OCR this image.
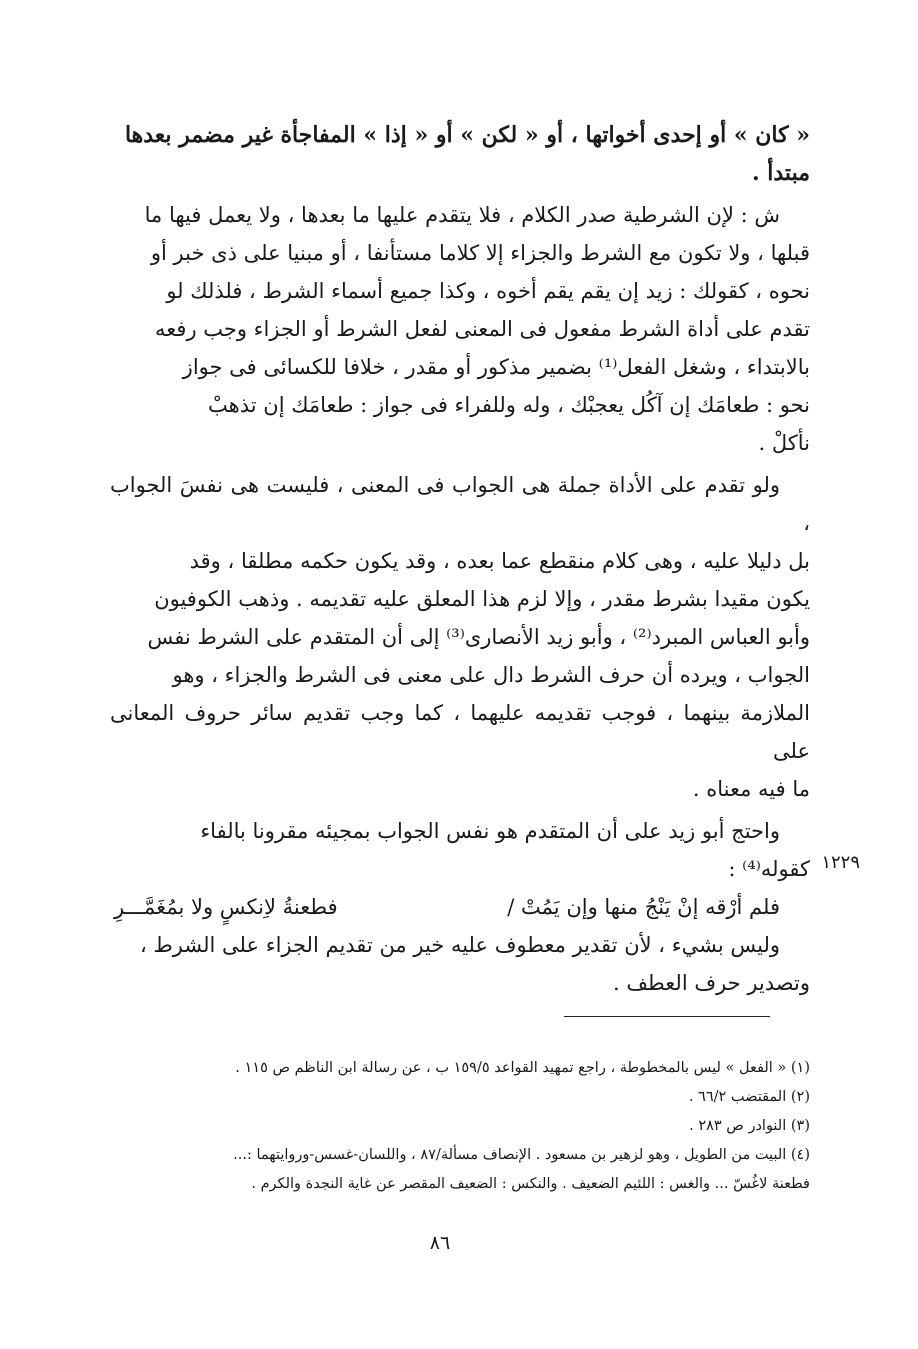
« كان » أو إحدى أخواتها ، أو « لكن » أو « إذا » المفاجأة غير مضمر بعدها

مبتدأ .

ش : لإن الشرطية صدر الكلام ، فلا يتقدم عليها ما بعدها ، ولا يعمل فيها ما

قبلها ، ولا تكون مع الشرط والجزاء إلا كلاما مستأنفا ، أو مبنيا على ذى خبر أو

نحوه ، كقولك : زيد إن يقم يقم أخوه ، وكذا جميع أسماء الشرط ، فلذلك لو

تقدم على أداة الشرط مفعول فى المعنى لفعل الشرط أو الجزاء وجب رفعه

بالابتداء ، وشغل الفعل⁽¹⁾ بضمير مذكور أو مقدر ، خلافا للكسائى فى جواز

نحو : طعامَك إن آكُل يعجبْك ، وله وللفراء فى جواز : طعامَك إن تذهبْ

نأكلْ .

ولو تقدم على الأداة جملة هى الجواب فى المعنى ، فليست هى نفسَ الجواب ،

بل دليلا عليه ، وهى كلام منقطع عما بعده ، وقد يكون حكمه مطلقا ، وقد

يكون مقيدا بشرط مقدر ، وإلا لزم هذا المعلق عليه تقديمه . وذهب الكوفيون

وأبو العباس المبرد⁽²⁾ ، وأبو زيد الأنصارى⁽³⁾ إلى أن المتقدم على الشرط نفس

الجواب ، ويرده أن حرف الشرط دال على معنى فى الشرط والجزاء ، وهو

الملازمة بينهما ، فوجب تقديمه عليهما ، كما وجب تقديم سائر حروف المعانى على

ما فيه معناه .

واحتج أبو زيد على أن المتقدم هو نفس الجواب بمجيئه مقرونا بالفاء

كقوله⁽⁴⁾ :

فلم أرْقه إنْ يَنْجُ منها وإن يَمُتْ /
فطعنةُ لاِنكسٍ ولا بمُغَمَّـــرِ

وليس بشيء ، لأن تقدير معطوف عليه خير من تقديم الجزاء على الشرط ،

وتصدير حرف العطف .

١٢٢٩

(١) « الفعل » ليس بالمخطوطة ، راجع تمهيد القواعد ١٥٩/٥ ب ، عن رسالة ابن الناظم ص ١١٥ .

(٢) المقتضب ٦٦/٢ .

(٣) النوادر ص ٢٨٣ .

(٤) البيت من الطويل ، وهو لزهير بن مسعود . الإنصاف مسألة/٨٧ ، واللسان-غسس-وروايتهما :...

فطعنة لاغُسّ ... والغس : اللئيم الضعيف . والنكس : الضعيف المقصر عن غاية النجدة والكرم .

٨٦
